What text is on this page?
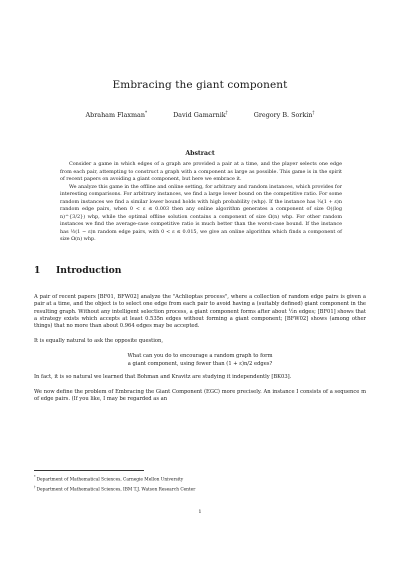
Embracing the giant component
Abraham Flaxman*	David Gamarnik†	Gregory B. Sorkin†
Abstract

Consider a game in which edges of a graph are provided a pair at a time, and the player selects one edge from each pair, attempting to construct a graph with a component as large as possible. This game is in the spirit of recent papers on avoiding a giant component, but here we embrace it.

We analyze this game in the offline and online setting, for arbitrary and random instances, which provides for interesting comparisons. For arbitrary instances, we find a large lower bound on the competitive ratio. For some random instances we find a similar lower bound holds with high probability (whp). If the instance has ¼(1 + ε)n random edge pairs, when 0 < ε ≤ 0.003 then any online algorithm generates a component of size O((log n)^{3/2}) whp, while the optimal offline solution contains a component of size Ω(n) whp. For other random instances we find the average-case competitive ratio is much better than the worst-case bound. If the instance has ½(1 − ε)n random edge pairs, with 0 < ε ≤ 0.015, we give an online algorithm which finds a component of size Ω(n) whp.

1 Introduction

A pair of recent papers [BF01, BFW02] analyze the "Achlioptas process", where a collection of random edge pairs is given a pair at a time, and the object is to select one edge from each pair to avoid having a (suitably defined) giant component in the resulting graph. Without any intelligent selection process, a giant component forms after about ½n edges; [BF01] shows that a strategy exists which accepts at least 0.535n edges without forming a giant component; [BFW02] shows (among other things) that no more than about 0.964 edges may be accepted.

It is equally natural to ask the opposite question,

What can you do to encourage a random graph to form
a giant component, using fewer than (1 + ε)n/2 edges?

In fact, it is so natural we learned that Bohman and Kravitz are studying it independently [BK03].

We now define the problem of Embracing the Giant Component (EGC) more precisely. An instance I consists of a sequence m of edge pairs. (If you like, I may be regarded as an

*Department of Mathematical Sciences, Carnegie Mellon University
†Department of Mathematical Sciences, IBM T.J. Watson Research Center
1
